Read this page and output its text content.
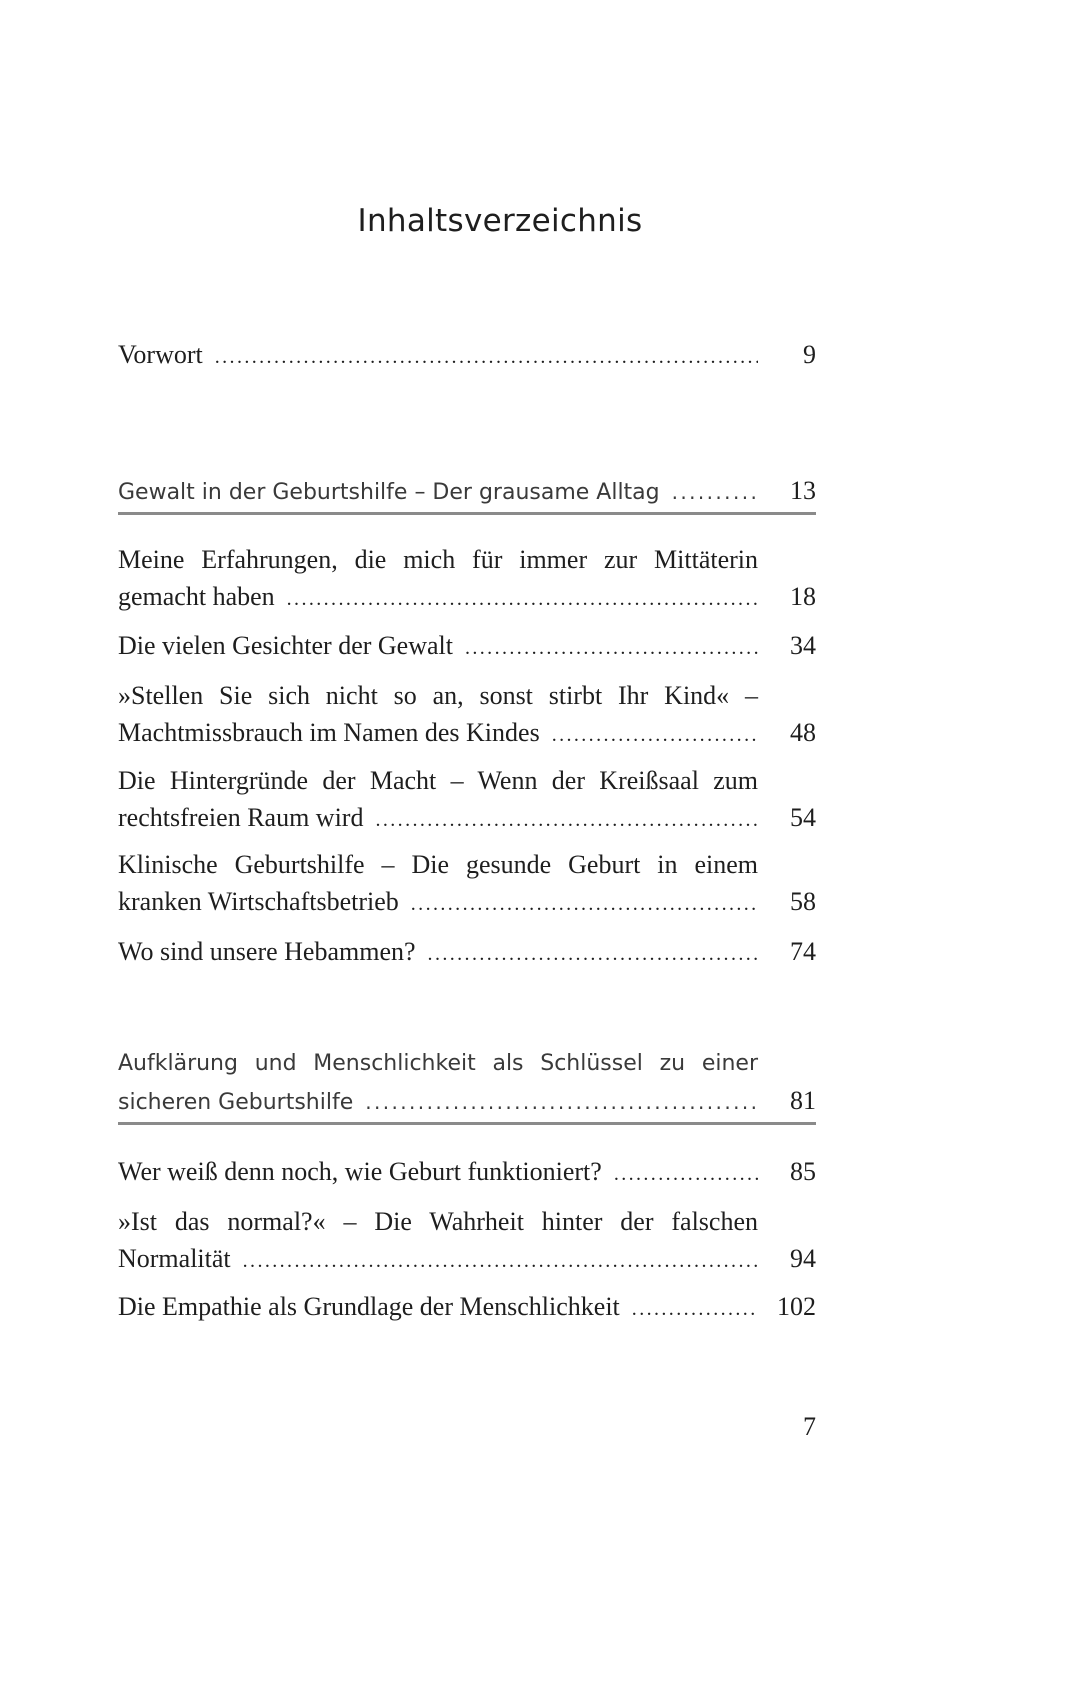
Inhaltsverzeichnis
Vorwort .....	9
Gewalt in der Geburtshilfe – Der grausame Alltag .....	13
Meine Erfahrungen, die mich für immer zur Mittäterin
gemacht haben .....	18
Die vielen Gesichter der Gewalt .....	34
»Stellen Sie sich nicht so an, sonst stirbt Ihr Kind« –
Machtmissbrauch im Namen des Kindes .....	48
Die Hintergründe der Macht – Wenn der Kreißsaal zum
rechtsfreien Raum wird .....	54
Klinische Geburtshilfe – Die gesunde Geburt in einem
kranken Wirtschaftsbetrieb .....	58
Wo sind unsere Hebammen? .....	74
Aufklärung und Menschlichkeit als Schlüssel zu einer
sicheren Geburtshilfe .....	81
Wer weiß denn noch, wie Geburt funktioniert? .....	85
»Ist das normal?« – Die Wahrheit hinter der falschen
Normalität .....	94
Die Empathie als Grundlage der Menschlichkeit .....	102
7
